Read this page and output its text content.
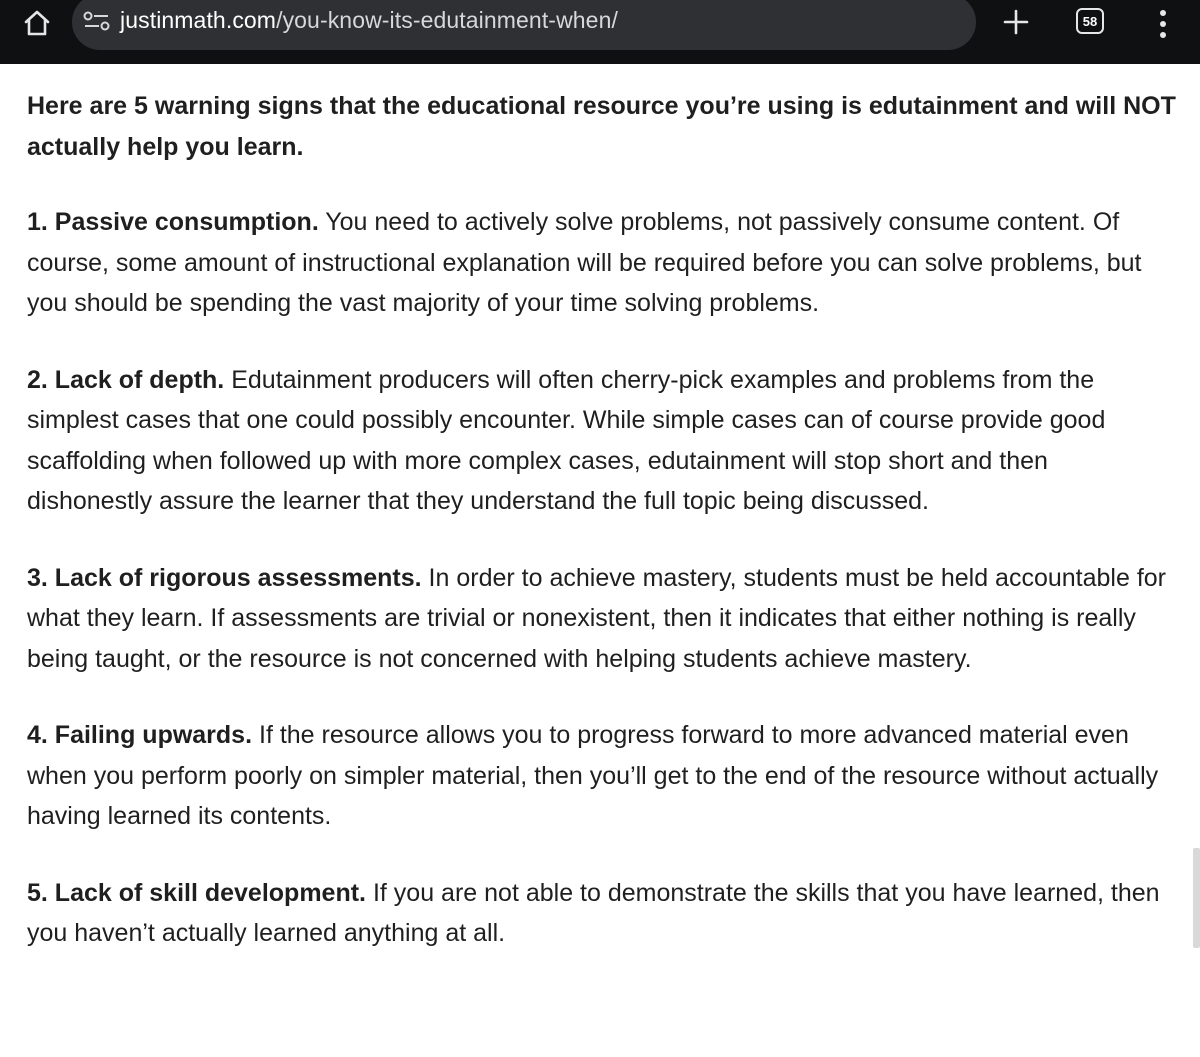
justinmath.com/you-know-its-edutainment-when/	58

Here are 5 warning signs that the educational resource you’re using is edutainment and will NOT actually help you learn.

1. Passive consumption. You need to actively solve problems, not passively consume content. Of course, some amount of instructional explanation will be required before you can solve problems, but you should be spending the vast majority of your time solving problems.

2. Lack of depth. Edutainment producers will often cherry-pick examples and problems from the simplest cases that one could possibly encounter. While simple cases can of course provide good scaffolding when followed up with more complex cases, edutainment will stop short and then dishonestly assure the learner that they understand the full topic being discussed.

3. Lack of rigorous assessments. In order to achieve mastery, students must be held accountable for what they learn. If assessments are trivial or nonexistent, then it indicates that either nothing is really being taught, or the resource is not concerned with helping students achieve mastery.

4. Failing upwards. If the resource allows you to progress forward to more advanced material even when you perform poorly on simpler material, then you’ll get to the end of the resource without actually having learned its contents.

5. Lack of skill development. If you are not able to demonstrate the skills that you have learned, then you haven’t actually learned anything at all.
